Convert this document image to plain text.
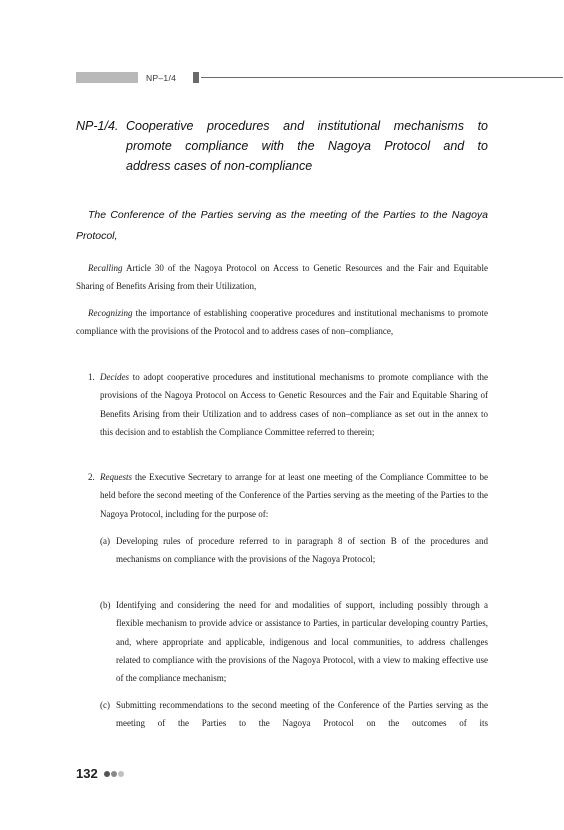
NP–1/4
NP-1/4. Cooperative procedures and institutional mechanisms to
promote compliance with the Nagoya Protocol and to
address cases of non-compliance
The Conference of the Parties serving as the meeting of the Parties to the Nagoya Protocol,
Recalling Article 30 of the Nagoya Protocol on Access to Genetic Resources and the Fair and Equitable Sharing of Benefits Arising from their Utilization,
Recognizing the importance of establishing cooperative procedures and institutional mechanisms to promote compliance with the provisions of the Protocol and to address cases of non–compliance,
1. Decides to adopt cooperative procedures and institutional mechanisms to promote compliance with the provisions of the Nagoya Protocol on Access to Genetic Resources and the Fair and Equitable Sharing of Benefits Arising from their Utilization and to address cases of non–compliance as set out in the annex to this decision and to establish the Compliance Committee referred to therein;
2. Requests the Executive Secretary to arrange for at least one meeting of the Compliance Committee to be held before the second meeting of the Conference of the Parties serving as the meeting of the Parties to the Nagoya Protocol, including for the purpose of:
(a) Developing rules of procedure referred to in paragraph 8 of section B of the procedures and mechanisms on compliance with the provisions of the Nagoya Protocol;
(b) Identifying and considering the need for and modalities of support, including possibly through a flexible mechanism to provide advice or assistance to Parties, in particular developing country Parties, and, where appropriate and applicable, indigenous and local communities, to address challenges related to compliance with the provisions of the Nagoya Protocol, with a view to making effective use of the compliance mechanism;
(c) Submitting recommendations to the second meeting of the Conference of the Parties serving as the meeting of the Parties to the Nagoya Protocol on the outcomes of its
132
